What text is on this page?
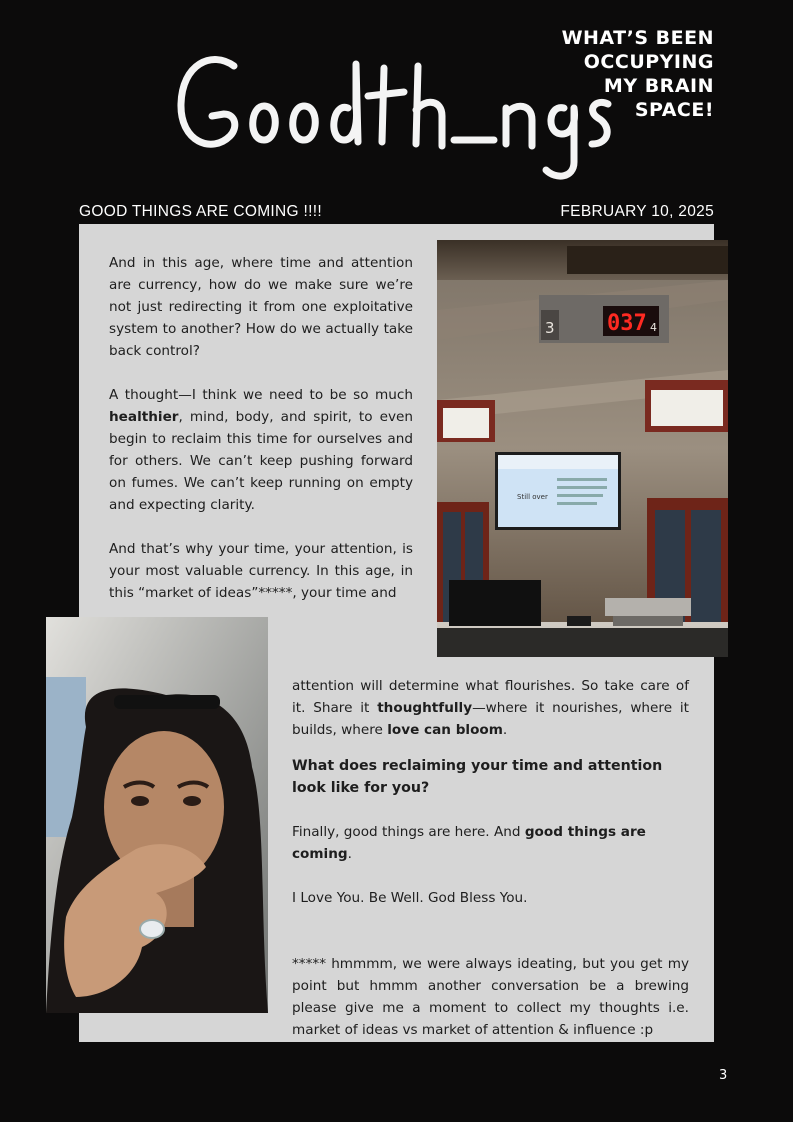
WHAT’S BEEN
OCCUPYING
MY BRAIN
SPACE!
GOOD THINGS ARE COMING !!!!	FEBRUARY 10, 2025

And in this age, where time and attention are currency, how do we make sure we’re not just redirecting it from one exploitative system to another? How do we actually take back control?

A thought—I think we need to be so much healthier, mind, body, and spirit, to even begin to reclaim this time for ourselves and for others. We can’t keep pushing forward on fumes. We can’t keep running on empty and expecting clarity.

And that’s why your time, your attention, is your most valuable currency. In this age, in this “market of ideas”*****, your time and

3 037 4
Still over

attention will determine what flourishes. So take care of it. Share it thoughtfully—where it nourishes, where it builds, where love can bloom.

What does reclaiming your time and attention look like for you?

Finally, good things are here. And good things are coming.

I Love You. Be Well. God Bless You.

***** hmmmm, we were always ideating, but you get my point but hmmm another conversation be a brewing please give me a moment to collect my thoughts i.e. market of ideas vs market of attention & influence :p

3
